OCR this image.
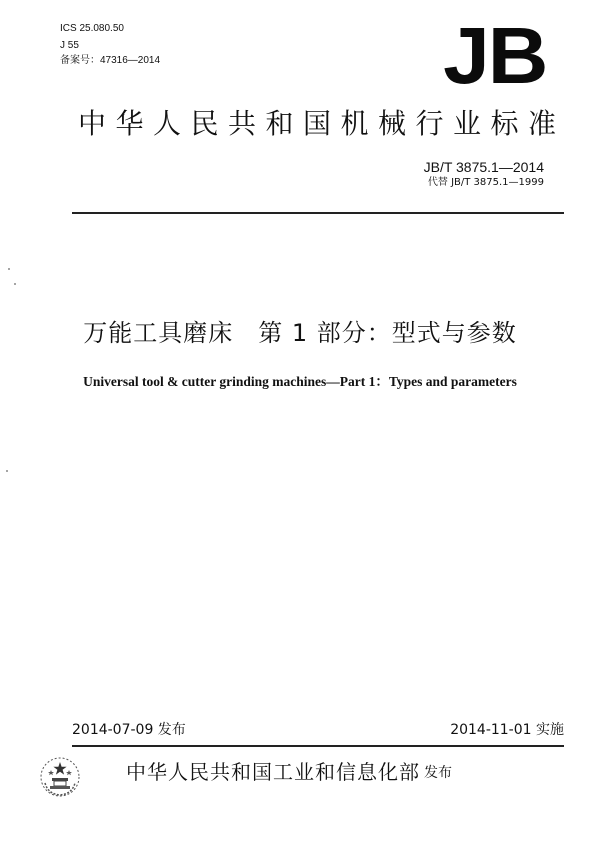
ICS 25.080.50
J 55
备案号：47316—2014	JB
中华人民共和国机械行业标准
JB/T 3875.1—2014
代替 JB/T 3875.1—1999
万能工具磨床　第 1 部分：型式与参数
Universal tool & cutter grinding machines—Part 1：Types and parameters
2014-07-09 发布	2014-11-01 实施
中华人民共和国工业和信息化部 发布
